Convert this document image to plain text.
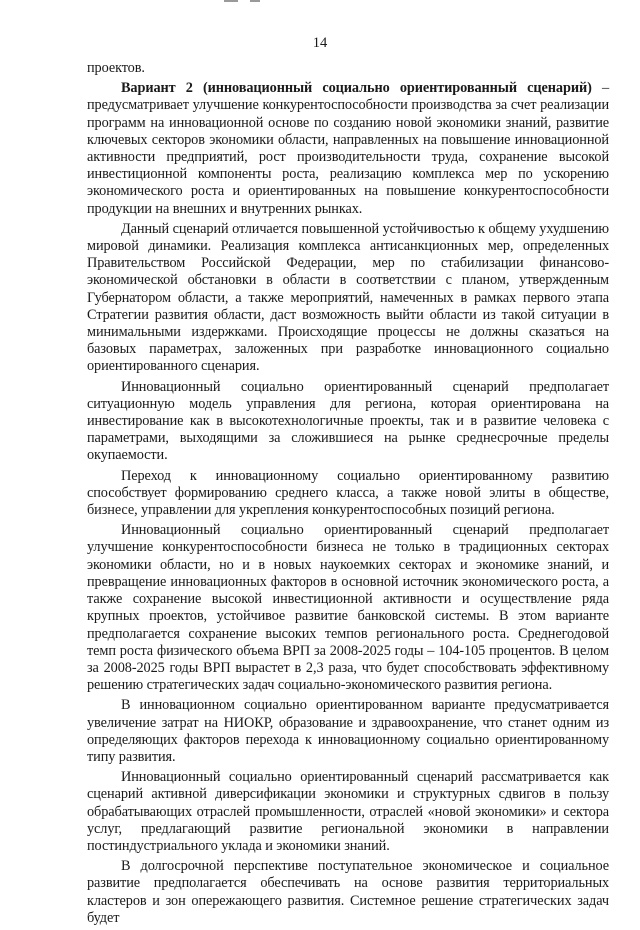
14

проектов.

Вариант 2 (инновационный социально ориентированный сценарий) – предусматривает улучшение конкурентоспособности производства за счет реализации программ на инновационной основе по созданию новой экономики знаний, развитие ключевых секторов экономики области, направленных на повышение инновационной активности предприятий, рост производительности труда, сохранение высокой инвестиционной компоненты роста, реализацию комплекса мер по ускорению экономического роста и ориентированных на повышение конкурентоспособности продукции на внешних и внутренних рынках.

Данный сценарий отличается повышенной устойчивостью к общему ухудшению мировой динамики. Реализация комплекса антисанкционных мер, определенных Правительством Российской Федерации, мер по стабилизации финансово-экономической обстановки в области в соответствии с планом, утвержденным Губернатором области, а также мероприятий, намеченных в рамках первого этапа Стратегии развития области, даст возможность выйти области из такой ситуации в минимальными издержками. Происходящие процессы не должны сказаться на базовых параметрах, заложенных при разработке инновационного социально ориентированного сценария.

Инновационный социально ориентированный сценарий предполагает ситуационную модель управления для региона, которая ориентирована на инвестирование как в высокотехнологичные проекты, так и в развитие человека с параметрами, выходящими за сложившиеся на рынке среднесрочные пределы окупаемости.

Переход к инновационному социально ориентированному развитию способствует формированию среднего класса, а также новой элиты в обществе, бизнесе, управлении для укрепления конкурентоспособных позиций региона.

Инновационный социально ориентированный сценарий предполагает улучшение конкурентоспособности бизнеса не только в традиционных секторах экономики области, но и в новых наукоемких секторах и экономике знаний, и превращение инновационных факторов в основной источник экономического роста, а также сохранение высокой инвестиционной активности и осуществление ряда крупных проектов, устойчивое развитие банковской системы. В этом варианте предполагается сохранение высоких темпов регионального роста. Среднегодовой темп роста физического объема ВРП за 2008-2025 годы – 104-105 процентов. В целом за 2008-2025 годы ВРП вырастет в 2,3 раза, что будет способствовать эффективному решению стратегических задач социально-экономического развития региона.

В инновационном социально ориентированном варианте предусматривается увеличение затрат на НИОКР, образование и здравоохранение, что станет одним из определяющих факторов перехода к инновационному социально ориентированному типу развития.

Инновационный социально ориентированный сценарий рассматривается как сценарий активной диверсификации экономики и структурных сдвигов в пользу обрабатывающих отраслей промышленности, отраслей «новой экономики» и сектора услуг, предлагающий развитие региональной экономики в направлении постиндустриального уклада и экономики знаний.

В долгосрочной перспективе поступательное экономическое и социальное развитие предполагается обеспечивать на основе развития территориальных кластеров и зон опережающего развития. Системное решение стратегических задач будет
